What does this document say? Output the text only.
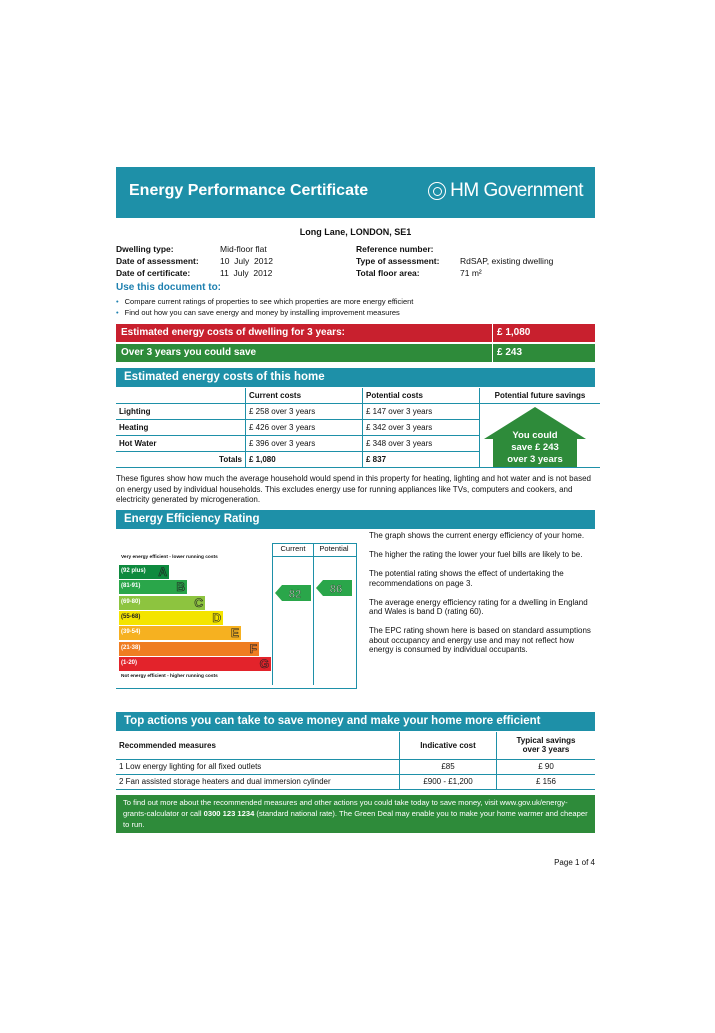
Energy Performance Certificate	HM Government
Long Lane, LONDON, SE1
Dwelling type:	Mid-floor flat
Date of assessment:	10  July  2012
Date of certificate:	11  July  2012
Reference number:
Type of assessment: RdSAP, existing dwelling
Total floor area:	71 m²
Use this document to:
• Compare current ratings of properties to see which properties are more energy efficient
• Find out how you can save energy and money by installing improvement measures
Estimated energy costs of dwelling for 3 years:	£ 1,080
Over 3 years you could save	£ 243
Estimated energy costs of this home
	Current costs	Potential costs	Potential future savings
Lighting	£ 258 over 3 years	£ 147 over 3 years	
Heating	£ 426 over 3 years	£ 342 over 3 years	
Hot Water	£ 396 over 3 years	£ 348 over 3 years	
Totals	£ 1,080	£ 837	
You could
save £ 243
over 3 years
These figures show how much the average household would spend in this property for heating, lighting and hot water and is not based on energy used by individual households. This excludes energy use for running appliances like TVs, computers and cookers, and electricity generated by microgeneration.
Energy Efficiency Rating
Current	Potential
Very energy efficient - lower running costs
Not energy efficient - higher running costs
(92 plus) A
(81-91)	B
(69-80)	C
(55-68)	D
(39-54)	E
(21-38)	F
(1-20)	G
82	86

The graph shows the current energy efficiency of your home.

The higher the rating the lower your fuel bills are likely to be.

The potential rating shows the effect of undertaking the recommendations on page 3.

The average energy efficiency rating for a dwelling in England and Wales is band D (rating 60).

The EPC rating shown here is based on standard assumptions about occupancy and energy use and may not reflect how energy is consumed by individual occupants.

Top actions you can take to save money and make your home more efficient
Recommended measures	Indicative cost	Typical savings over 3 years
1 Low energy lighting for all fixed outlets	£85	£ 90
2 Fan assisted storage heaters and dual immersion cylinder	£900 - £1,200	£ 156
To find out more about the recommended measures and other actions you could take today to save money, visit www.gov.uk/energy-grants-calculator or call 0300 123 1234 (standard national rate). The Green Deal may enable you to make your home warmer and cheaper to run.
Page 1 of 4
